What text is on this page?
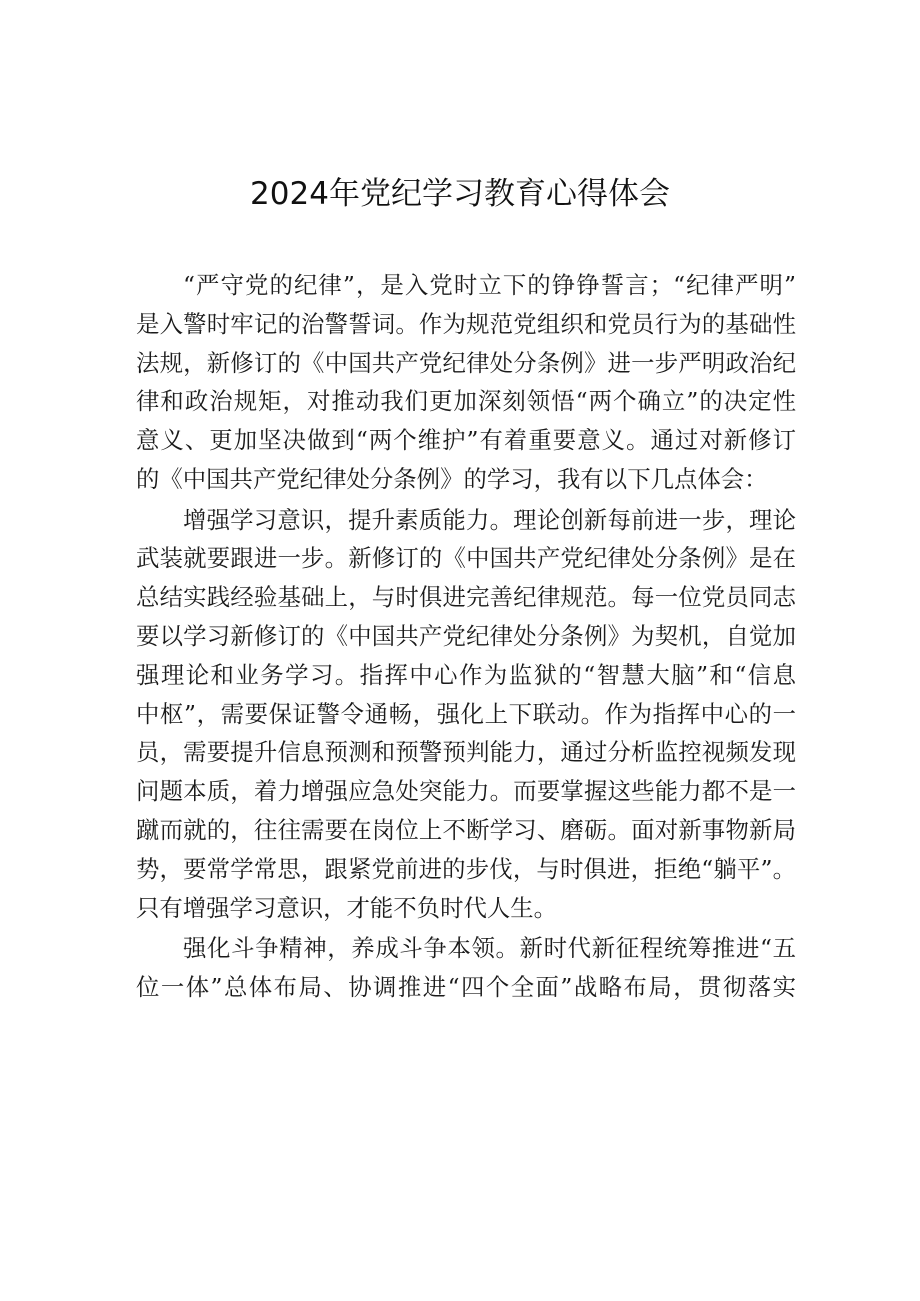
2024年党纪学习教育心得体会
“严守党的纪律”，是入党时立下的铮铮誓言；“纪律严明”
是入警时牢记的治警誓词。作为规范党组织和党员行为的基础性
法规，新修订的《中国共产党纪律处分条例》进一步严明政治纪
律和政治规矩，对推动我们更加深刻领悟“两个确立”的决定性
意义、更加坚决做到“两个维护”有着重要意义。通过对新修订
的《中国共产党纪律处分条例》的学习，我有以下几点体会：
增强学习意识，提升素质能力。理论创新每前进一步，理论
武装就要跟进一步。新修订的《中国共产党纪律处分条例》是在
总结实践经验基础上，与时俱进完善纪律规范。每一位党员同志
要以学习新修订的《中国共产党纪律处分条例》为契机，自觉加
强理论和业务学习。指挥中心作为监狱的“智慧大脑”和“信息
中枢”，需要保证警令通畅，强化上下联动。作为指挥中心的一
员，需要提升信息预测和预警预判能力，通过分析监控视频发现
问题本质，着力增强应急处突能力。而要掌握这些能力都不是一
蹴而就的，往往需要在岗位上不断学习、磨砺。面对新事物新局
势，要常学常思，跟紧党前进的步伐，与时俱进，拒绝“躺平”。
只有增强学习意识，才能不负时代人生。
强化斗争精神，养成斗争本领。新时代新征程统筹推进“五
位一体”总体布局、协调推进“四个全面”战略布局，贯彻落实
